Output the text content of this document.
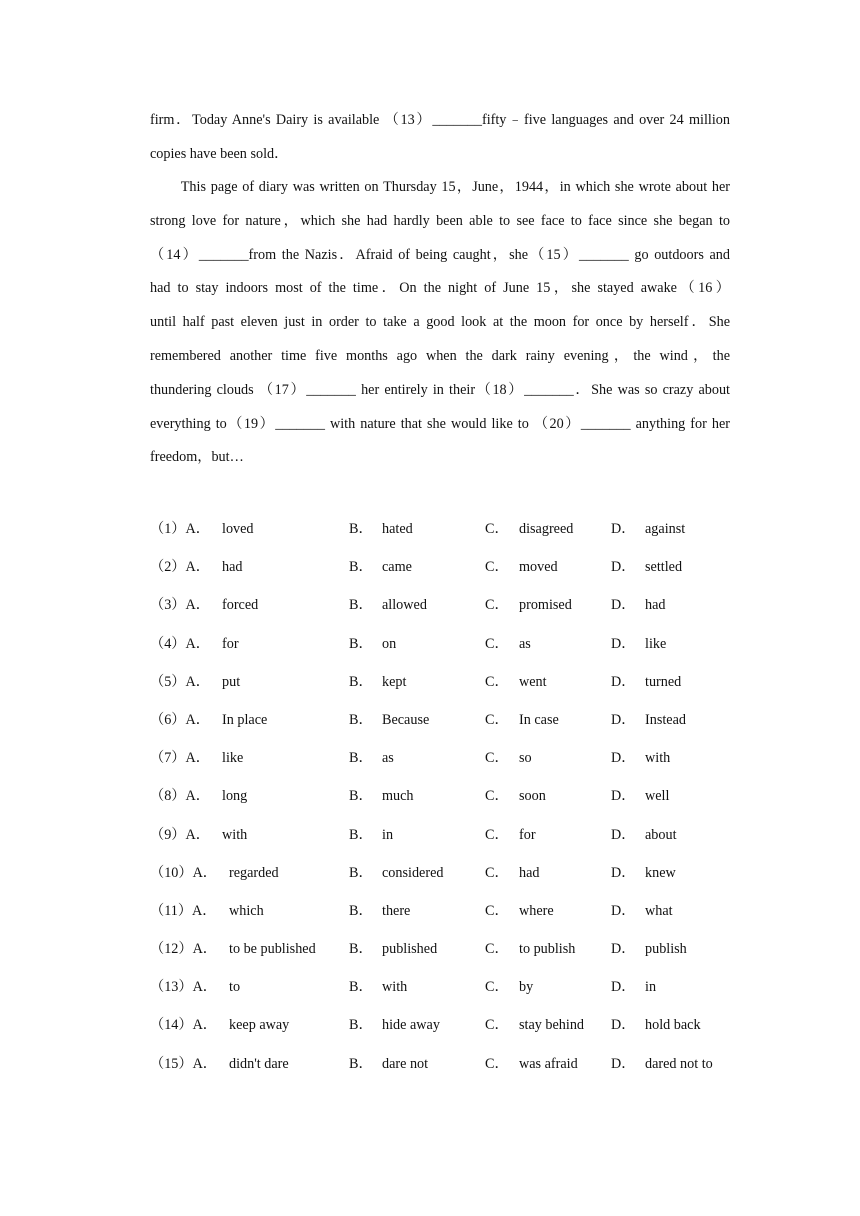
firm．Today Anne's Dairy is available （13）_______fifty﹣five languages and over 24 million
copies have been sold．
　　This page of diary was written on Thursday 15，June，1944，in which she wrote about her
strong love for nature，which she had hardly been able to see face to face since she began to
（14）_______from the Nazis．Afraid of being caught，she（15）_______ go outdoors and
had to stay indoors most of the time．On the night of June 15，she stayed awake（16）
until half past eleven just in order to take a good look at the moon for once by herself．She
remembered another time five months ago when the dark rainy evening，the wind，the
thundering clouds （17）_______ her entirely in their（18）_______．She was so crazy about
everything to（19）_______ with nature that she would like to （20）_______ anything for her
freedom，but…
（1）A． loved	B． hated	C． disagreed	D． against
（2）A． had	B． came	C． moved	D． settled
（3）A． forced	B． allowed	C． promised	D． had
（4）A． for	B． on	C． as	D． like
（5）A． put	B． kept	C． went	D． turned
（6）A． In place	B． Because	C． In case	D． Instead
（7）A． like	B． as	C． so	D． with
（8）A． long	B． much	C． soon	D． well
（9）A． with	B． in	C． for	D． about
（10）A． regarded	B． considered	C． had	D． knew
（11）A． which	B． there	C． where	D． what
（12）A． to be published B． published	C． to publish	D． publish
（13）A． to	B． with	C． by	D． in
（14）A． keep away	B． hide away	C． stay behind D． hold back
（15）A． didn't dare	B． dare not	C． was afraid D． dared not to
